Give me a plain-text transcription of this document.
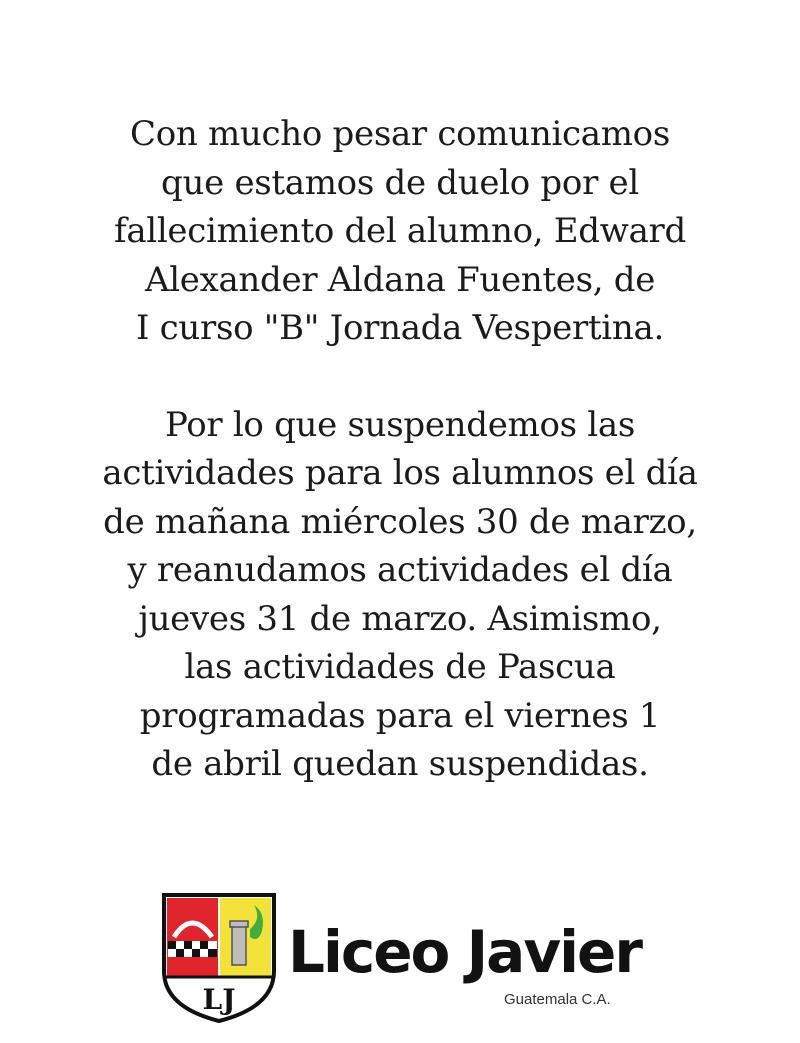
Con mucho pesar comunicamos
que estamos de duelo por el
fallecimiento del alumno, Edward
Alexander Aldana Fuentes, de
I curso "B" Jornada Vespertina.

Por lo que suspendemos las
actividades para los alumnos el día
de mañana miércoles 30 de marzo,
y reanudamos actividades el día
jueves 31 de marzo. Asimismo,
las actividades de Pascua
programadas para el viernes 1
de abril quedan suspendidas.

LJ
Liceo Javier
Guatemala C.A.
